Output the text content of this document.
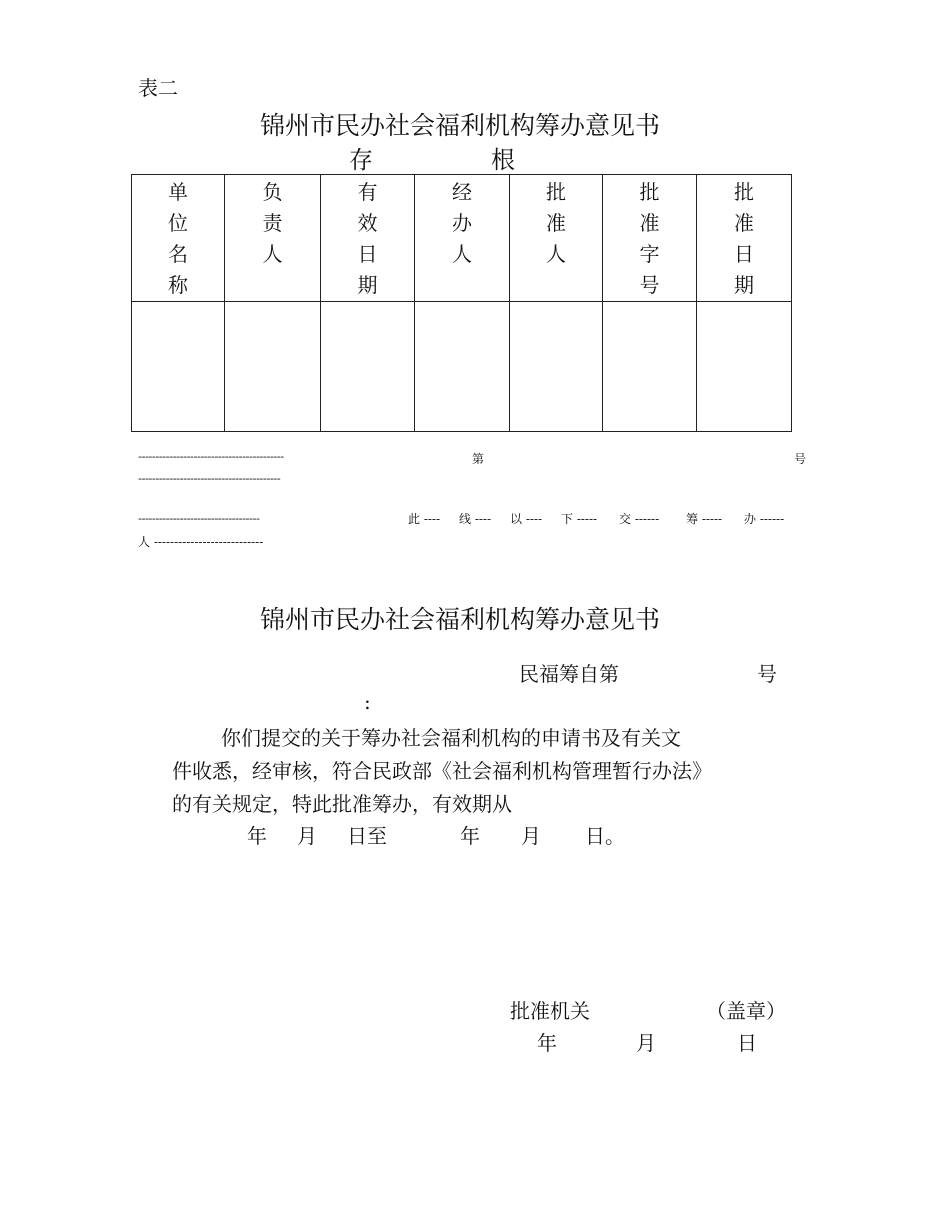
表二
锦州市民办社会福利机构筹办意见书
存根
单位名称	负责人	有效日期	经办人	批准人	批准字号	批准日期

------------------------------------------	第	号
-----------------------------------------
-----------------------------------	此 ---- 线 ---- 以 ---- 下 ----- 交 ------ 筹 ----- 办 ------
人 ---------------------------
锦州市民办社会福利机构筹办意见书
民福筹自第	号
:
你们提交的关于筹办社会福利机构的申请书及有关文
件收悉，经审核，符合民政部《社会福利机构管理暂行办法》
的有关规定，特此批准筹办，有效期从
年 月 日至	年 月 日。
批准机关	（盖章）
年	月	日
